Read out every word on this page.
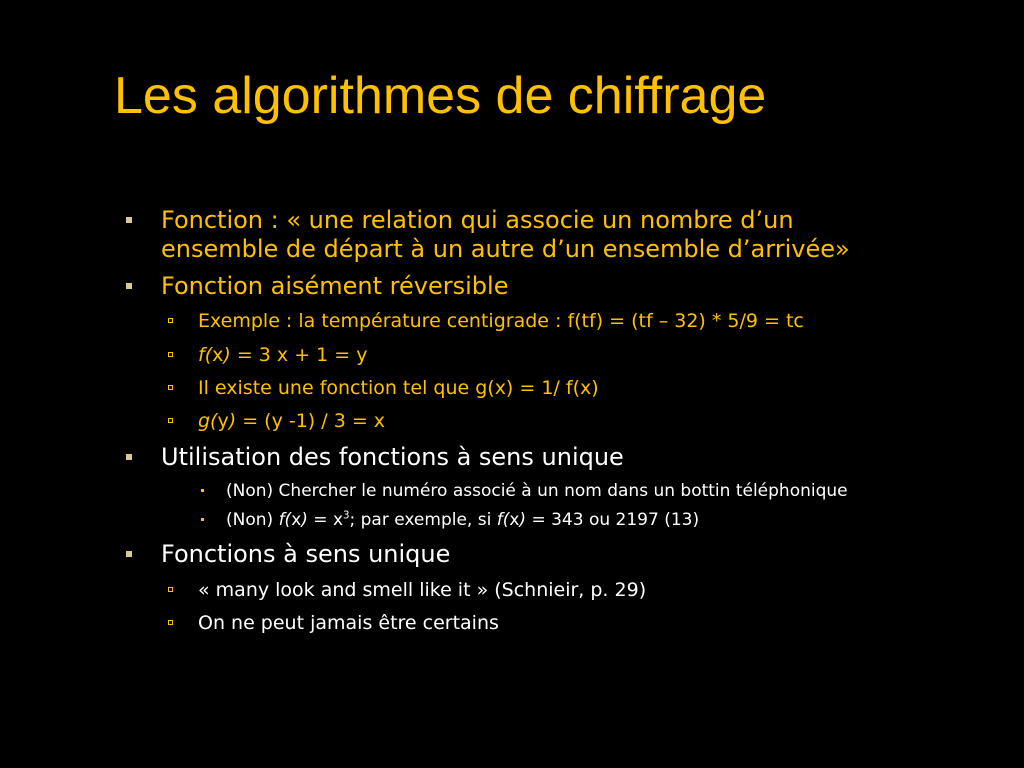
Les algorithmes de chiffrage
Fonction : « une relation qui associe un nombre d’un
ensemble de départ à un autre d’un ensemble d’arrivée»
Fonction aisément réversible
Exemple : la température centigrade : f(tf) = (tf – 32) * 5/9 = tc
f(x) = 3 x + 1 = y
Il existe une fonction tel que g(x) = 1/ f(x)
g(y) = (y -1) / 3 = x
Utilisation des fonctions à sens unique
(Non) Chercher le numéro associé à un nom dans un bottin téléphonique
(Non) $f(x) = x^3$; par exemple, si f(x) = 343 ou 2197 (13)
Fonctions à sens unique
« many look and smell like it » (Schnieir, p. 29)
On ne peut jamais être certains
